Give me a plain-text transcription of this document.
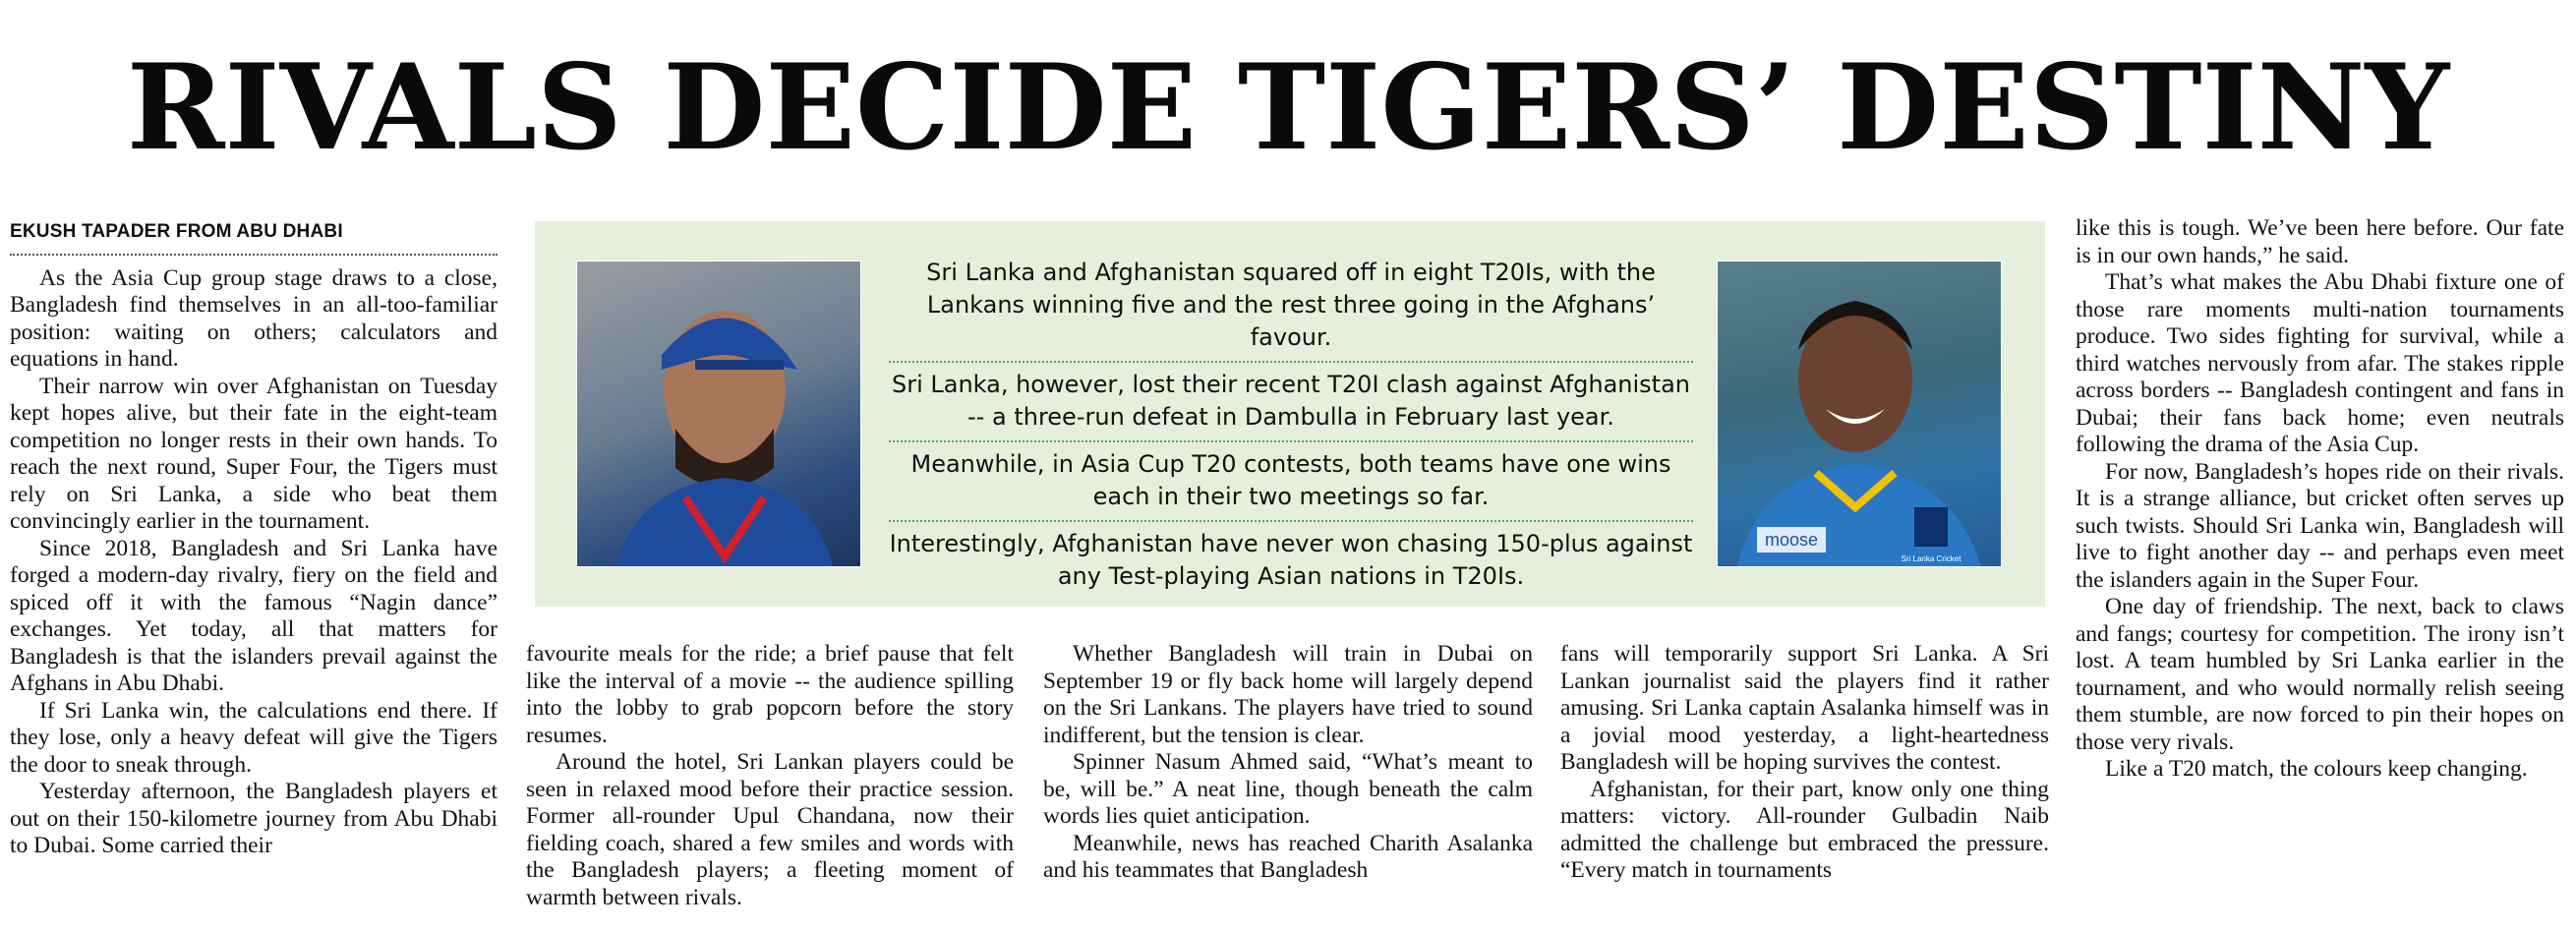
RIVALS DECIDE TIGERS’ DESTINY
EKUSH TAPADER FROM ABU DHABI

As the Asia Cup group stage draws to a close, Bangladesh find themselves in an all-too-familiar position: waiting on others; calculators and equations in hand.

Their narrow win over Afghanistan on Tuesday kept hopes alive, but their fate in the eight-team competition no longer rests in their own hands. To reach the next round, Super Four, the Tigers must rely on Sri Lanka, a side who beat them convincingly earlier in the tournament.

Since 2018, Bangladesh and Sri Lanka have forged a modern-day rivalry, fiery on the field and spiced off it with the famous “Nagin dance” exchanges. Yet today, all that matters for Bangladesh is that the islanders prevail against the Afghans in Abu Dhabi.

If Sri Lanka win, the calculations end there. If they lose, only a heavy defeat will give the Tigers the door to sneak through.

Yesterday afternoon, the Bangladesh players et out on their 150-kilometre journey from Abu Dhabi to Dubai. Some carried their

Sri Lanka and Afghanistan squared off in eight T20Is, with the Lankans winning five and the rest three going in the Afghans’ favour.
Sri Lanka, however, lost their recent T20I clash against Afghanistan -- a three-run defeat in Dambulla in February last year.
Meanwhile, in Asia Cup T20 contests, both teams have one wins each in their two meetings so far.
Interestingly, Afghanistan have never won chasing 150-plus against any Test-playing Asian nations in T20Is.
moose
Sri Lanka Cricket

favourite meals for the ride; a brief pause that felt like the interval of a movie -- the audience spilling into the lobby to grab popcorn before the story resumes.

Around the hotel, Sri Lankan players could be seen in relaxed mood before their practice session. Former all-rounder Upul Chandana, now their fielding coach, shared a few smiles and words with the Bangladesh players; a fleeting moment of warmth between rivals.

Whether Bangladesh will train in Dubai on September 19 or fly back home will largely depend on the Sri Lankans. The players have tried to sound indifferent, but the tension is clear.

Spinner Nasum Ahmed said, “What’s meant to be, will be.” A neat line, though beneath the calm words lies quiet anticipation.

Meanwhile, news has reached Charith Asalanka and his teammates that Bangladesh

fans will temporarily support Sri Lanka. A Sri Lankan journalist said the players find it rather amusing. Sri Lanka captain Asalanka himself was in a jovial mood yesterday, a light-heartedness Bangladesh will be hoping survives the contest.

Afghanistan, for their part, know only one thing matters: victory. All-rounder Gulbadin Naib admitted the challenge but embraced the pressure. “Every match in tournaments

like this is tough. We’ve been here before. Our fate is in our own hands,” he said.

That’s what makes the Abu Dhabi fixture one of those rare moments multi-nation tournaments produce. Two sides fighting for survival, while a third watches nervously from afar. The stakes ripple across borders -- Bangladesh contingent and fans in Dubai; their fans back home; even neutrals following the drama of the Asia Cup.

For now, Bangladesh’s hopes ride on their rivals. It is a strange alliance, but cricket often serves up such twists. Should Sri Lanka win, Bangladesh will live to fight another day -- and perhaps even meet the islanders again in the Super Four.

One day of friendship. The next, back to claws and fangs; courtesy for competition. The irony isn’t lost. A team humbled by Sri Lanka earlier in the tournament, and who would normally relish seeing them stumble, are now forced to pin their hopes on those very rivals.

Like a T20 match, the colours keep changing.
